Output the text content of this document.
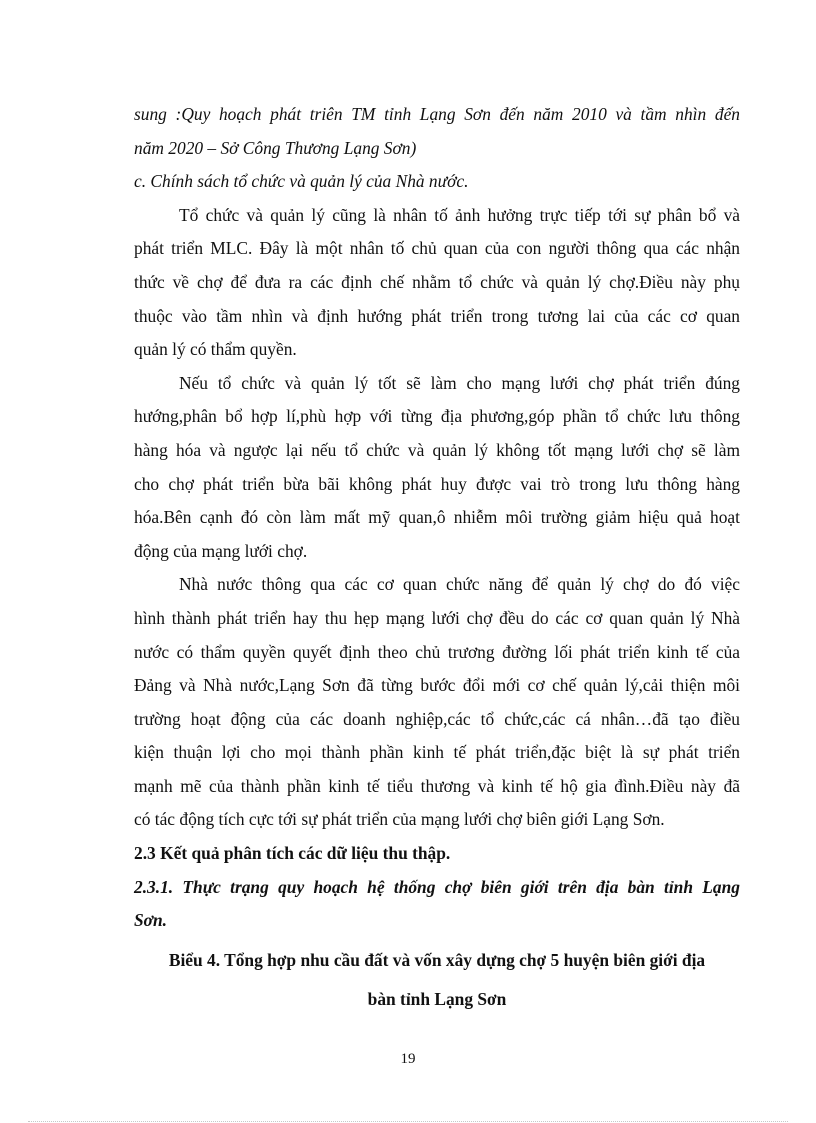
sung :Quy hoạch phát triên TM tỉnh Lạng Sơn đến năm 2010 và tầm nhìn đến
năm 2020 – Sở Công Thương Lạng Sơn)
c. Chính sách tổ chức và quản lý của Nhà nước.
Tổ chức và quản lý cũng là nhân tố ảnh hưởng trực tiếp tới sự phân bổ và
phát triển MLC. Đây là một nhân tố chủ quan của con người thông qua các nhận
thức về chợ để đưa ra các định chế nhằm tổ chức và quản lý chợ.Điều này phụ
thuộc vào tầm nhìn và định hướng phát triển trong tương lai của các cơ quan
quản lý có thẩm quyền.
Nếu tổ chức và quản lý tốt sẽ làm cho mạng lưới chợ phát triển đúng
hướng,phân bổ hợp lí,phù hợp với từng địa phương,góp phần tổ chức lưu thông
hàng hóa và ngược lại nếu tổ chức và quản lý không tốt mạng lưới chợ sẽ làm
cho chợ phát triển bừa bãi không phát huy được vai trò trong lưu thông hàng
hóa.Bên cạnh đó còn làm mất mỹ quan,ô nhiễm môi trường giảm hiệu quả hoạt
động của mạng lưới chợ.
Nhà nước thông qua các cơ quan chức năng để quản lý chợ do đó việc
hình thành phát triển hay thu hẹp mạng lưới chợ đều do các cơ quan quản lý Nhà
nước có thẩm quyền quyết định theo chủ trương đường lối phát triển kinh tế của
Đảng và Nhà nước,Lạng Sơn đã từng bước đổi mới cơ chế quản lý,cải thiện môi
trường hoạt động của các doanh nghiệp,các tổ chức,các cá nhân…đã tạo điều
kiện thuận lợi cho mọi thành phần kinh tế phát triển,đặc biệt là sự phát triển
mạnh mẽ của thành phần kinh tế tiểu thương và kinh tế hộ gia đình.Điều này đã
có tác động tích cực tới sự phát triển của mạng lưới chợ biên giới Lạng Sơn.
2.3 Kết quả phân tích các dữ liệu thu thập.
2.3.1. Thực trạng quy hoạch hệ thống chợ biên giới trên địa bàn tỉnh Lạng
Sơn.
Biểu 4. Tổng hợp nhu cầu đất và vốn xây dựng chợ 5 huyện biên giới địa
bàn tỉnh Lạng Sơn
19
